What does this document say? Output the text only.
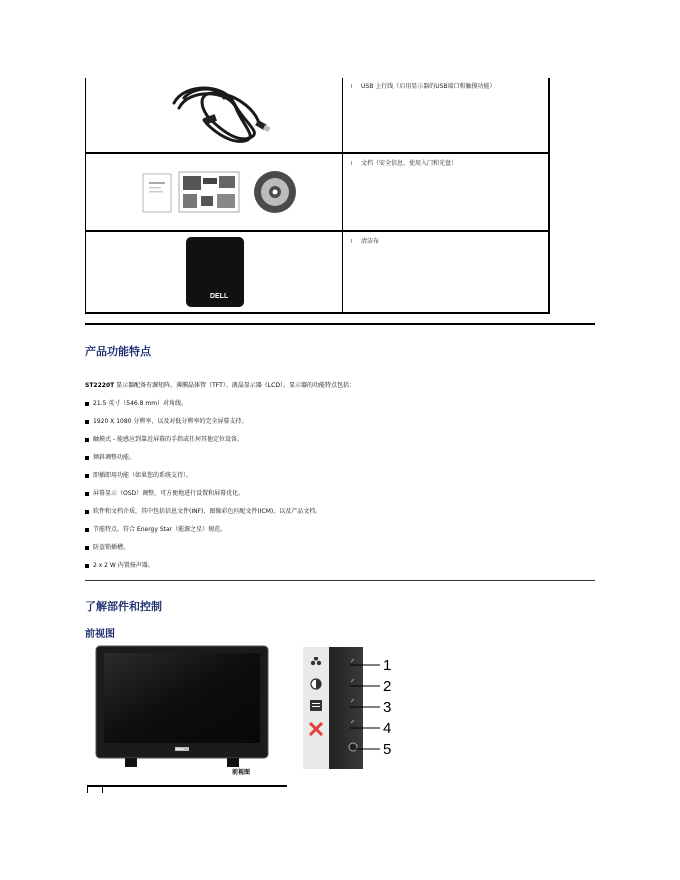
l USB 上行线（启用显示器的USB端口和触摸功能）
l 文档（安全信息、使用入门和光盘）
DELL
l 清洁布
产品功能特点
ST2220T 显示器配备有源矩阵、薄膜晶体管（TFT）、液晶显示器（LCD）。显示器的功能特点包括：
21.5 英寸（546.8 mm）对角线。
1920 X 1080 分辨率，以及对低分辨率的完全屏幕支持。
触摸式 - 能感应到靠近屏幕的手指或任何其他定位设备。
倾斜调整功能。
即插即用功能（如果您的系统支持）。
屏幕显示（OSD）调整，可方便地进行设置和屏幕优化。
软件和文档介质，其中包括信息文件(INF)、图像彩色匹配文件(ICM)、以及产品文档。
节能特点，符合 Energy Star（能源之星）规范。
防盗锁插槽。
2 x 2 W 内置扬声器。
了解部件和控制
前视图
DELL
前视图
1
2
3
4
5
